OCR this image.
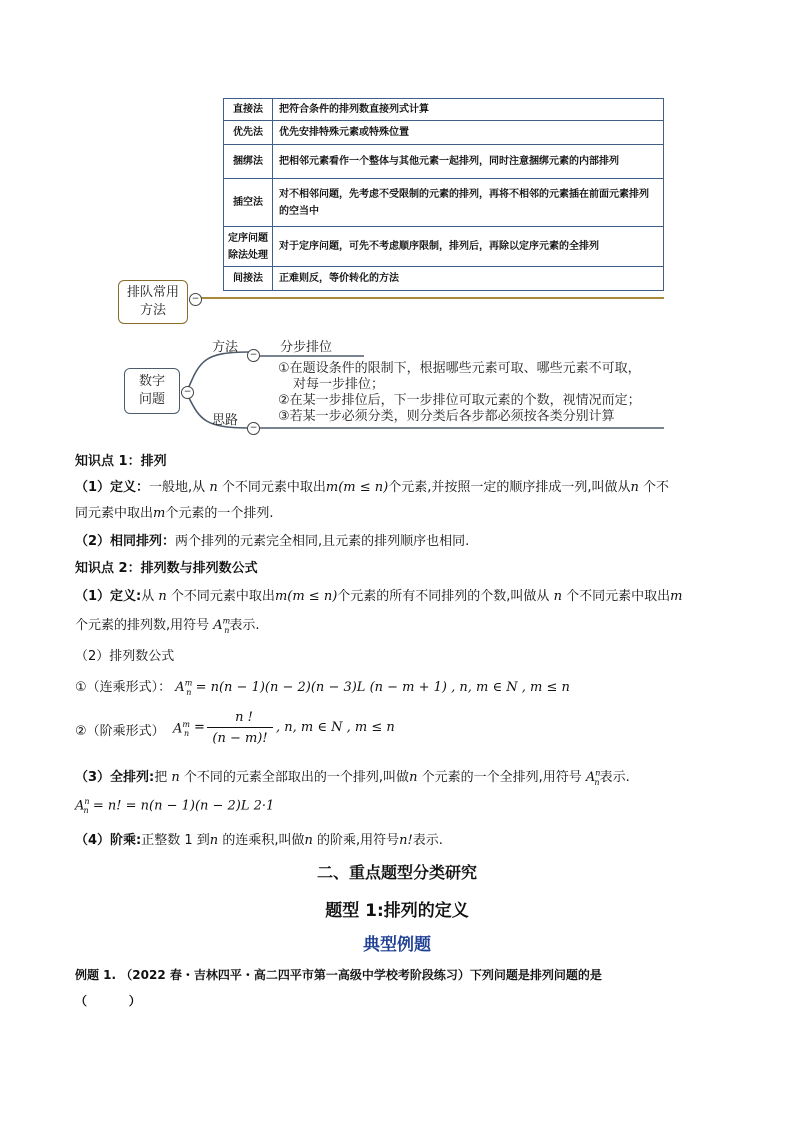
直接法	把符合条件的排列数直接列式计算
优先法	优先安排特殊元素或特殊位置
捆绑法	把相邻元素看作一个整体与其他元素一起排列，同时注意捆绑元素的内部排列
插空法	对不相邻问题，先考虑不受限制的元素的排列，再将不相邻的元素插在前面元素排列的空当中
定序问题除法处理	对于定序问题，可先不考虑顺序限制，排列后，再除以定序元素的全排列
间接法	正难则反，等价转化的方法
排队常用方法
−
数字问题	−
方法	− 分步排位
思路	−
①在题设条件的限制下，根据哪些元素可取、哪些元素不可取，
对每一步排位；
②在某一步排位后，下一步排位可取元素的个数，视情况而定；
③若某一步必须分类，则分类后各步都必须按各类分别计算
知识点 1：排列
（1）定义：一般地,从 n 个不同元素中取出m(m ≤ n)个元素,并按照一定的顺序排成一列,叫做从n 个不
同元素中取出m个元素的一个排列.
（2）相同排列：两个排列的元素完全相同,且元素的排列顺序也相同.
知识点 2：排列数与排列数公式
（1）定义:从 n 个不同元素中取出m(m ≤ n)个元素的所有不同排列的个数,叫做从 n 个不同元素中取出m
个元素的排列数,用符号 $A^m_n$表示.
（2）排列数公式
①（连乘形式）： $A^m_n = n(n - 1)(n - 2)(n - 3)L$ (n − m + 1) , n, m ∈ N , m ≤ n
②（阶乘形式） $A^m_n$ =
n !
(n − m)!
, n, m ∈ N , m ≤ n
（3）全排列:把 n 个不同的元素全部取出的一个排列,叫做n 个元素的一个全排列,用符号 $A^n_n$表示.
$A^n_n = n$! = n(n − 1)(n − 2)L 2·1
（4）阶乘:正整数 1 到n 的连乘积,叫做n 的阶乘,用符号n!表示.
二、重点题型分类研究
题型 1:排列的定义
典型例题
例题 1. （2022 春・吉林四平・高二四平市第一高级中学校考阶段练习）下列问题是排列问题的是
（          ）
